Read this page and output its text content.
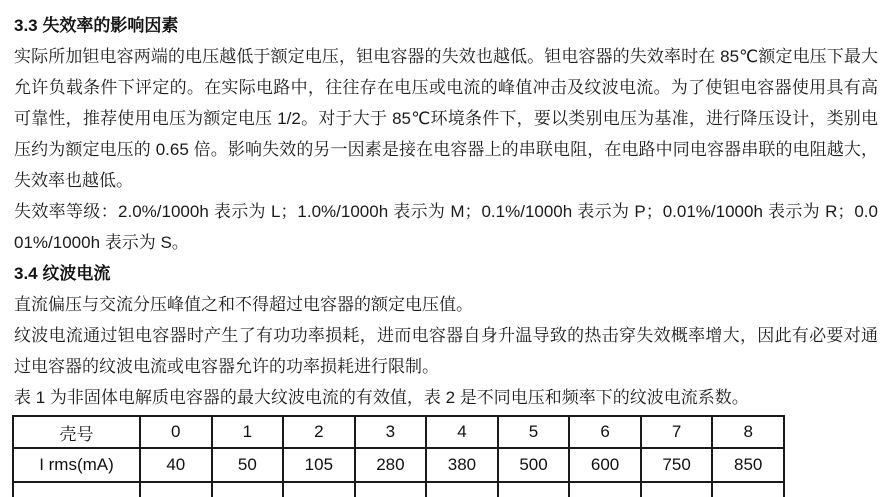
3.3 失效率的影响因素

实际所加钽电容两端的电压越低于额定电压，钽电容器的失效也越低。钽电容器的失效率时在 85℃额定电压下最大允许负载条件下评定的。在实际电路中，往往存在电压或电流的峰值冲击及纹波电流。为了使钽电容器使用具有高可靠性，推荐使用电压为额定电压 1/2。对于大于 85℃环境条件下，要以类别电压为基准，进行降压设计，类别电压约为额定电压的 0.65 倍。影响失效的另一因素是接在电容器上的串联电阻，在电路中同电容器串联的电阻越大，失效率也越低。

失效率等级：2.0%/1000h 表示为 L；1.0%/1000h 表示为 M；0.1%/1000h 表示为 P；0.01%/1000h 表示为 R；0.001%/1000h 表示为 S。

3.4 纹波电流

直流偏压与交流分压峰值之和不得超过电容器的额定电压值。

纹波电流通过钽电容器时产生了有功功率损耗，进而电容器自身升温导致的热击穿失效概率增大，因此有必要对通过电容器的纹波电流或电容器允许的功率损耗进行限制。

表 1 为非固体电解质电容器的最大纹波电流的有效值，表 2 是不同电压和频率下的纹波电流系数。

壳号	0	1	2	3	4	5	6	7	8
I rms(mA)	40	50	105	280	380	500	600	750	850
